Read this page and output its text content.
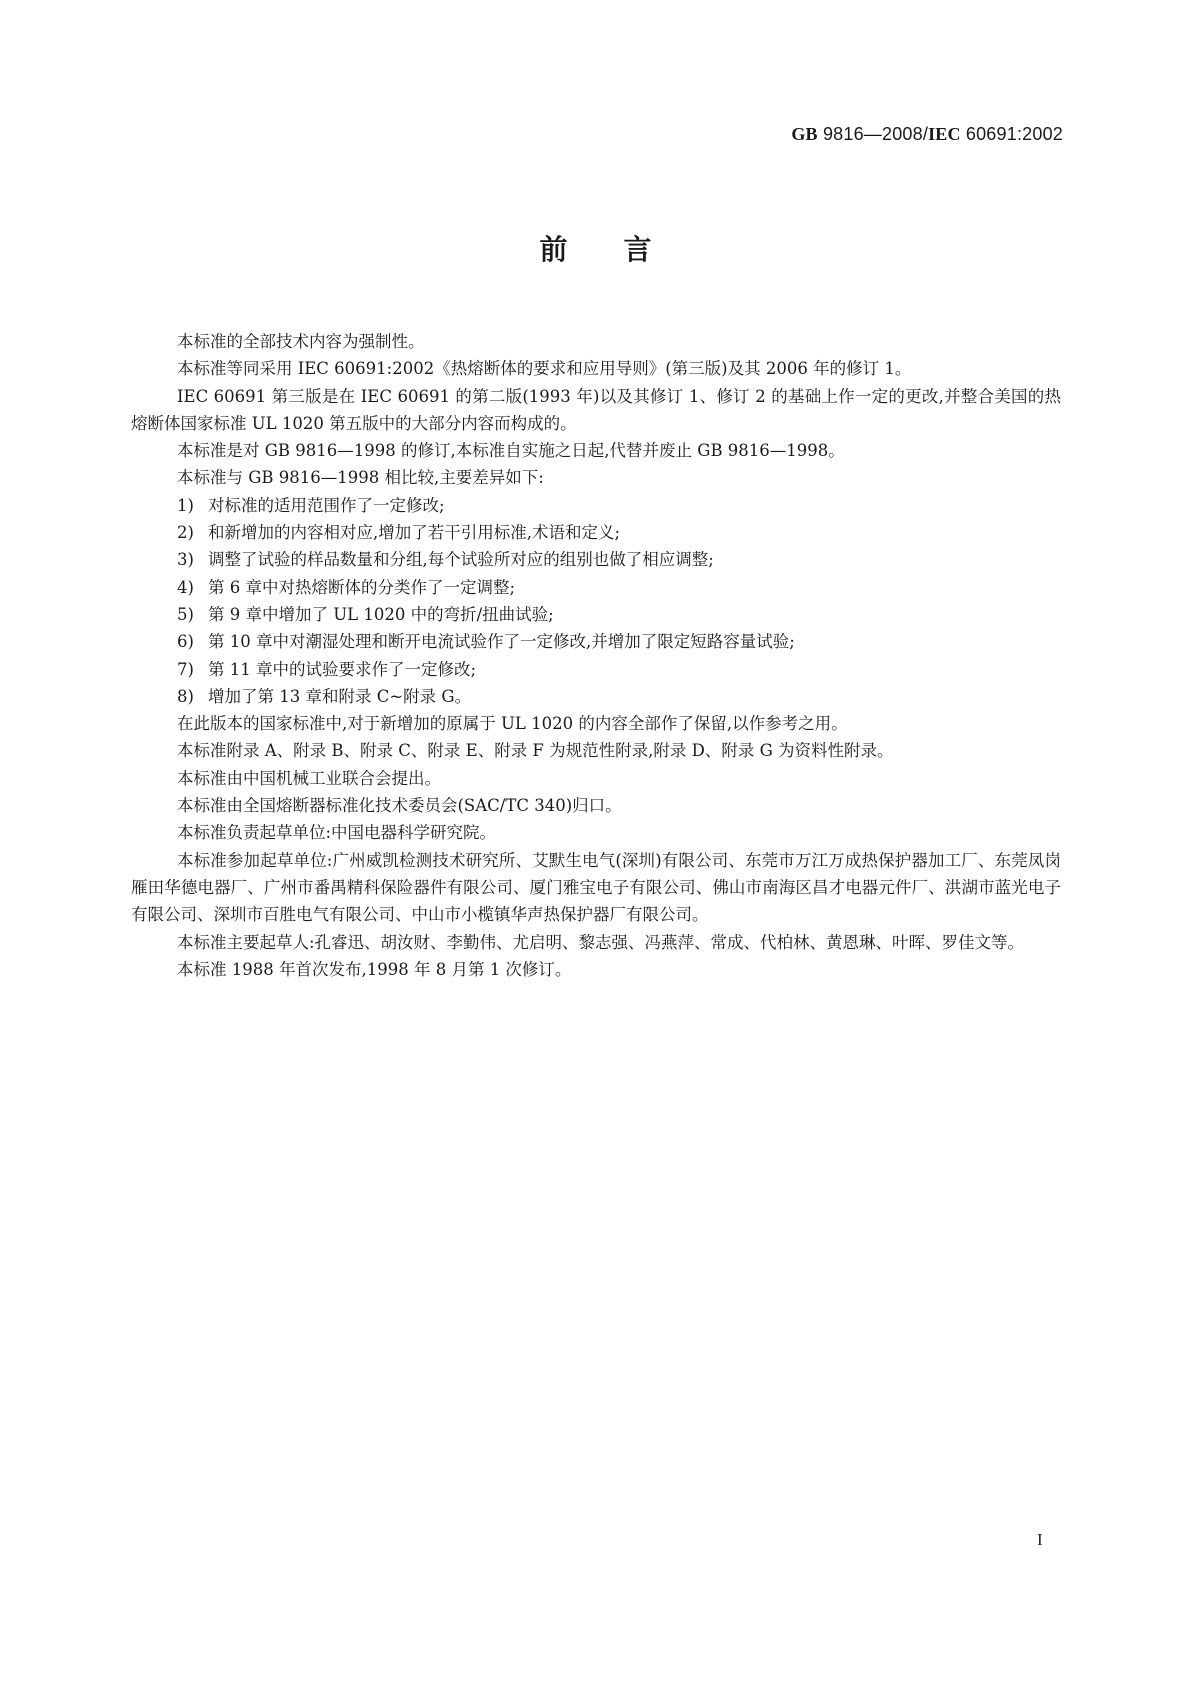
GB 9816—2008/IEC 60691:2002
前言

本标准的全部技术内容为强制性。

本标准等同采用 IEC 60691:2002《热熔断体的要求和应用导则》(第三版)及其 2006 年的修订 1。

IEC 60691 第三版是在 IEC 60691 的第二版(1993 年)以及其修订 1、修订 2 的基础上作一定的更改,并整合美国的热熔断体国家标准 UL 1020 第五版中的大部分内容而构成的。

本标准是对 GB 9816—1998 的修订,本标准自实施之日起,代替并废止 GB 9816—1998。

本标准与 GB 9816—1998 相比较,主要差异如下:

1) 对标准的适用范围作了一定修改;
2) 和新增加的内容相对应,增加了若干引用标准,术语和定义;
3) 调整了试验的样品数量和分组,每个试验所对应的组别也做了相应调整;
4) 第 6 章中对热熔断体的分类作了一定调整;
5) 第 9 章中增加了 UL 1020 中的弯折/扭曲试验;
6) 第 10 章中对潮湿处理和断开电流试验作了一定修改,并增加了限定短路容量试验;
7) 第 11 章中的试验要求作了一定修改;
8) 增加了第 13 章和附录 C~附录 G。

在此版本的国家标准中,对于新增加的原属于 UL 1020 的内容全部作了保留,以作参考之用。

本标准附录 A、附录 B、附录 C、附录 E、附录 F 为规范性附录,附录 D、附录 G 为资料性附录。

本标准由中国机械工业联合会提出。

本标准由全国熔断器标准化技术委员会(SAC/TC 340)归口。

本标准负责起草单位:中国电器科学研究院。

本标准参加起草单位:广州威凯检测技术研究所、艾默生电气(深圳)有限公司、东莞市万江万成热保护器加工厂、东莞凤岗雁田华德电器厂、广州市番禺精科保险器件有限公司、厦门雅宝电子有限公司、佛山市南海区昌才电器元件厂、洪湖市蓝光电子有限公司、深圳市百胜电气有限公司、中山市小榄镇华声热保护器厂有限公司。

本标准主要起草人:孔睿迅、胡汝财、李勤伟、尤启明、黎志强、冯燕萍、常成、代柏林、黄恩琳、叶晖、罗佳文等。

本标准 1988 年首次发布,1998 年 8 月第 1 次修订。

I
